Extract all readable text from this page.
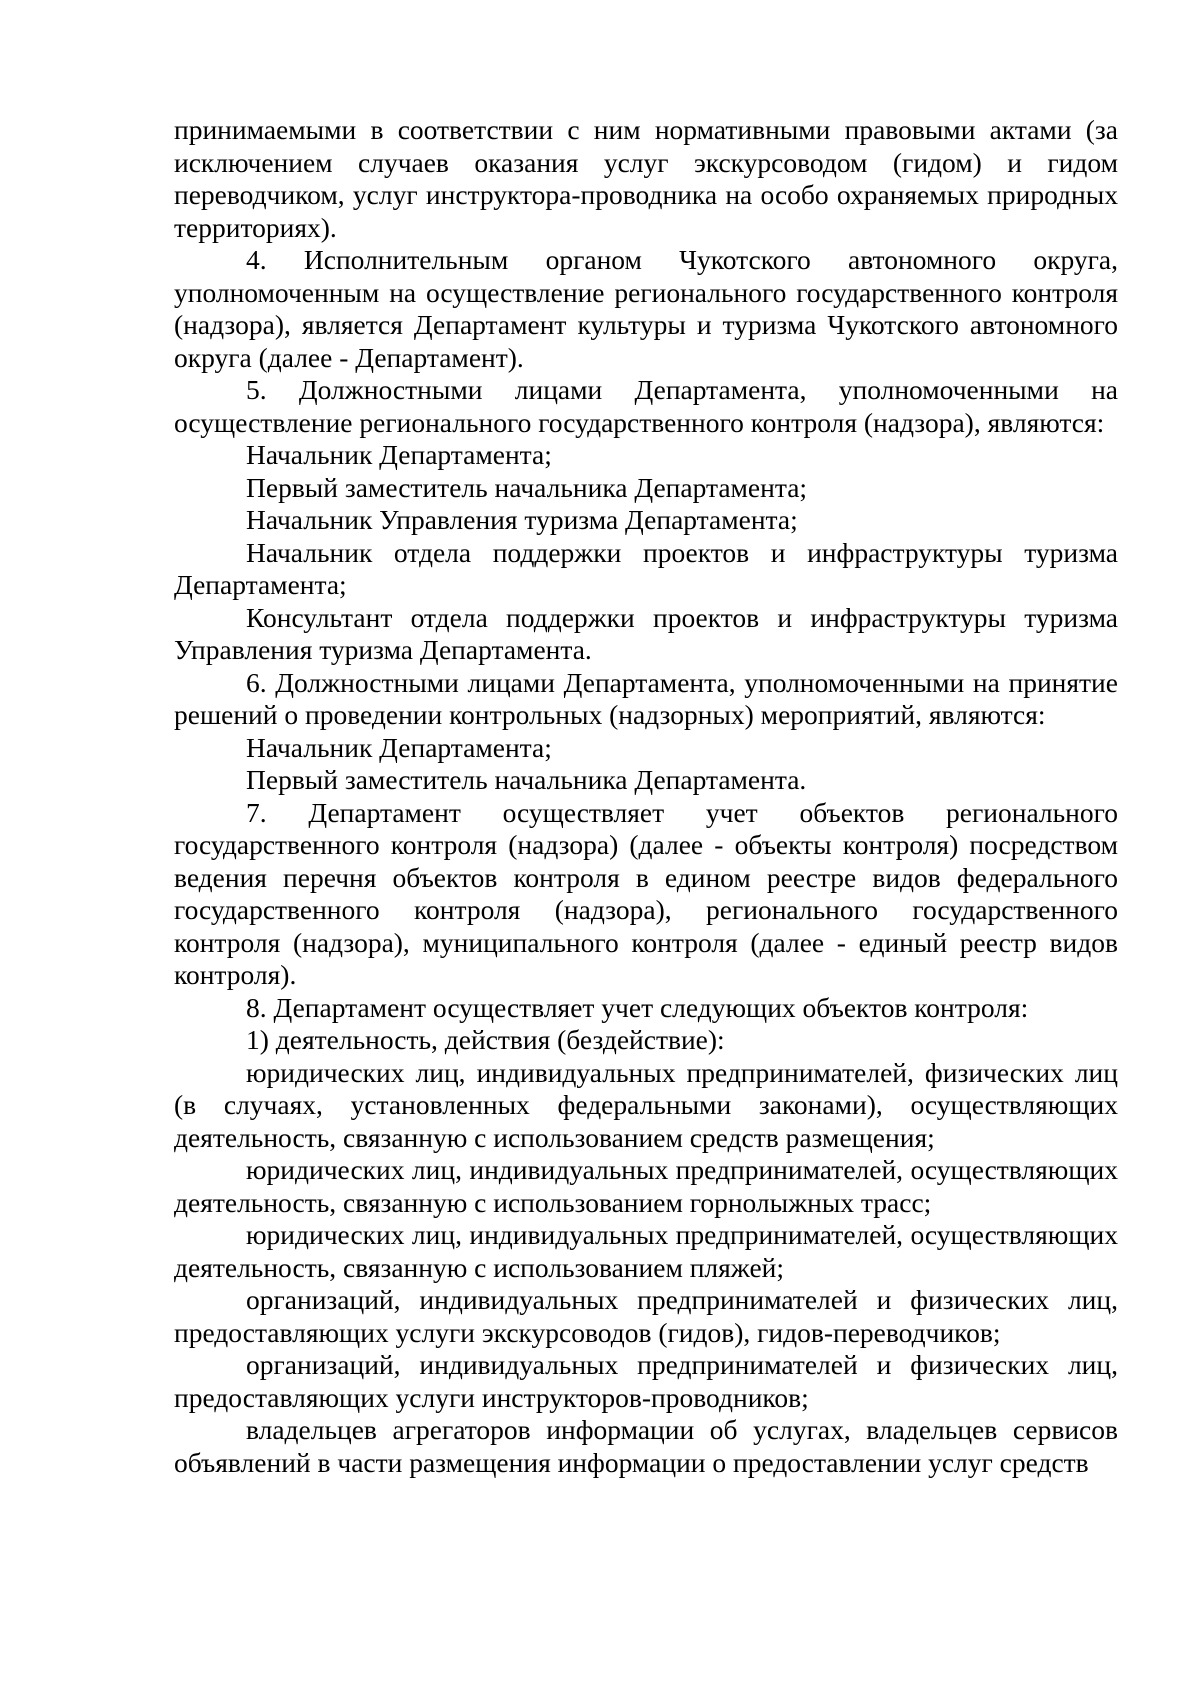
принимаемыми в соответствии с ним нормативными правовыми актами (за исключением случаев оказания услуг экскурсоводом (гидом) и гидом переводчиком, услуг инструктора-проводника на особо охраняемых природных территориях).

4. Исполнительным органом Чукотского автономного округа, уполномоченным на осуществление регионального государственного контроля (надзора), является Департамент культуры и туризма Чукотского автономного округа (далее - Департамент).

5. Должностными лицами Департамента, уполномоченными на осуществление регионального государственного контроля (надзора), являются:

Начальник Департамента;

Первый заместитель начальника Департамента;

Начальник Управления туризма Департамента;

Начальник отдела поддержки проектов и инфраструктуры туризма Департамента;

Консультант отдела поддержки проектов и инфраструктуры туризма Управления туризма Департамента.

6. Должностными лицами Департамента, уполномоченными на принятие решений о проведении контрольных (надзорных) мероприятий, являются:

Начальник Департамента;

Первый заместитель начальника Департамента.

7. Департамент осуществляет учет объектов регионального государственного контроля (надзора) (далее - объекты контроля) посредством ведения перечня объектов контроля в едином реестре видов федерального государственного контроля (надзора), регионального государственного контроля (надзора), муниципального контроля (далее - единый реестр видов контроля).

8. Департамент осуществляет учет следующих объектов контроля:

1) деятельность, действия (бездействие):

юридических лиц, индивидуальных предпринимателей, физических лиц (в случаях, установленных федеральными законами), осуществляющих деятельность, связанную с использованием средств размещения;

юридических лиц, индивидуальных предпринимателей, осуществляющих деятельность, связанную с использованием горнолыжных трасс;

юридических лиц, индивидуальных предпринимателей, осуществляющих деятельность, связанную с использованием пляжей;

организаций, индивидуальных предпринимателей и физических лиц, предоставляющих услуги экскурсоводов (гидов), гидов-переводчиков;

организаций, индивидуальных предпринимателей и физических лиц, предоставляющих услуги инструкторов-проводников;

владельцев агрегаторов информации об услугах, владельцев сервисов объявлений в части размещения информации о предоставлении услуг средств
